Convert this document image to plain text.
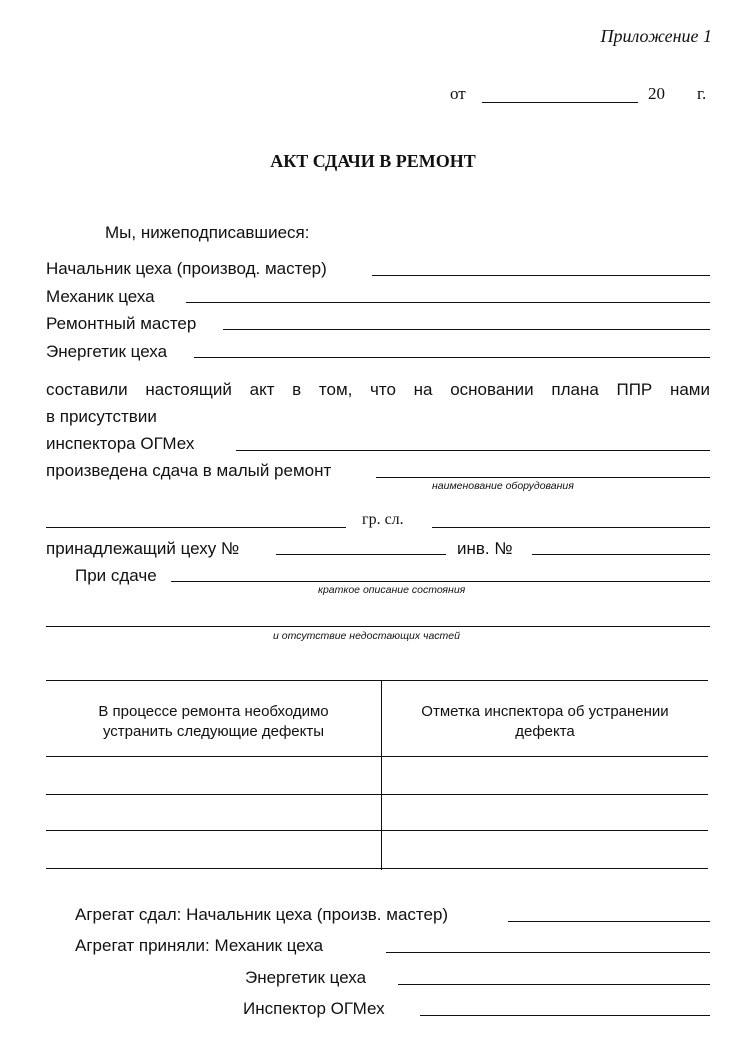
Приложение 1
от	20 г.
АКТ СДАЧИ В РЕМОНТ
Мы, нижеподписавшиеся:
Начальник цеха (производ. мастер)
Механик цеха
Ремонтный мастер
Энергетик цеха
составили настоящий акт в том, что на основании плана ППР нами
в присутствии
инспектора ОГМех
произведена сдача в малый ремонт
наименование оборудования
гр. сл.
принадлежащий цеху №	инв. №
При сдаче
краткое описание состояния
и отсутствие недостающих частей
В процессе ремонта необходимо
устранить следующие дефекты
Отметка инспектора об устранении
дефекта
Агрегат сдал: Начальник цеха (произв. мастер)
Агрегат приняли: Механик цеха
Энергетик цеха
Инспектор ОГМех
